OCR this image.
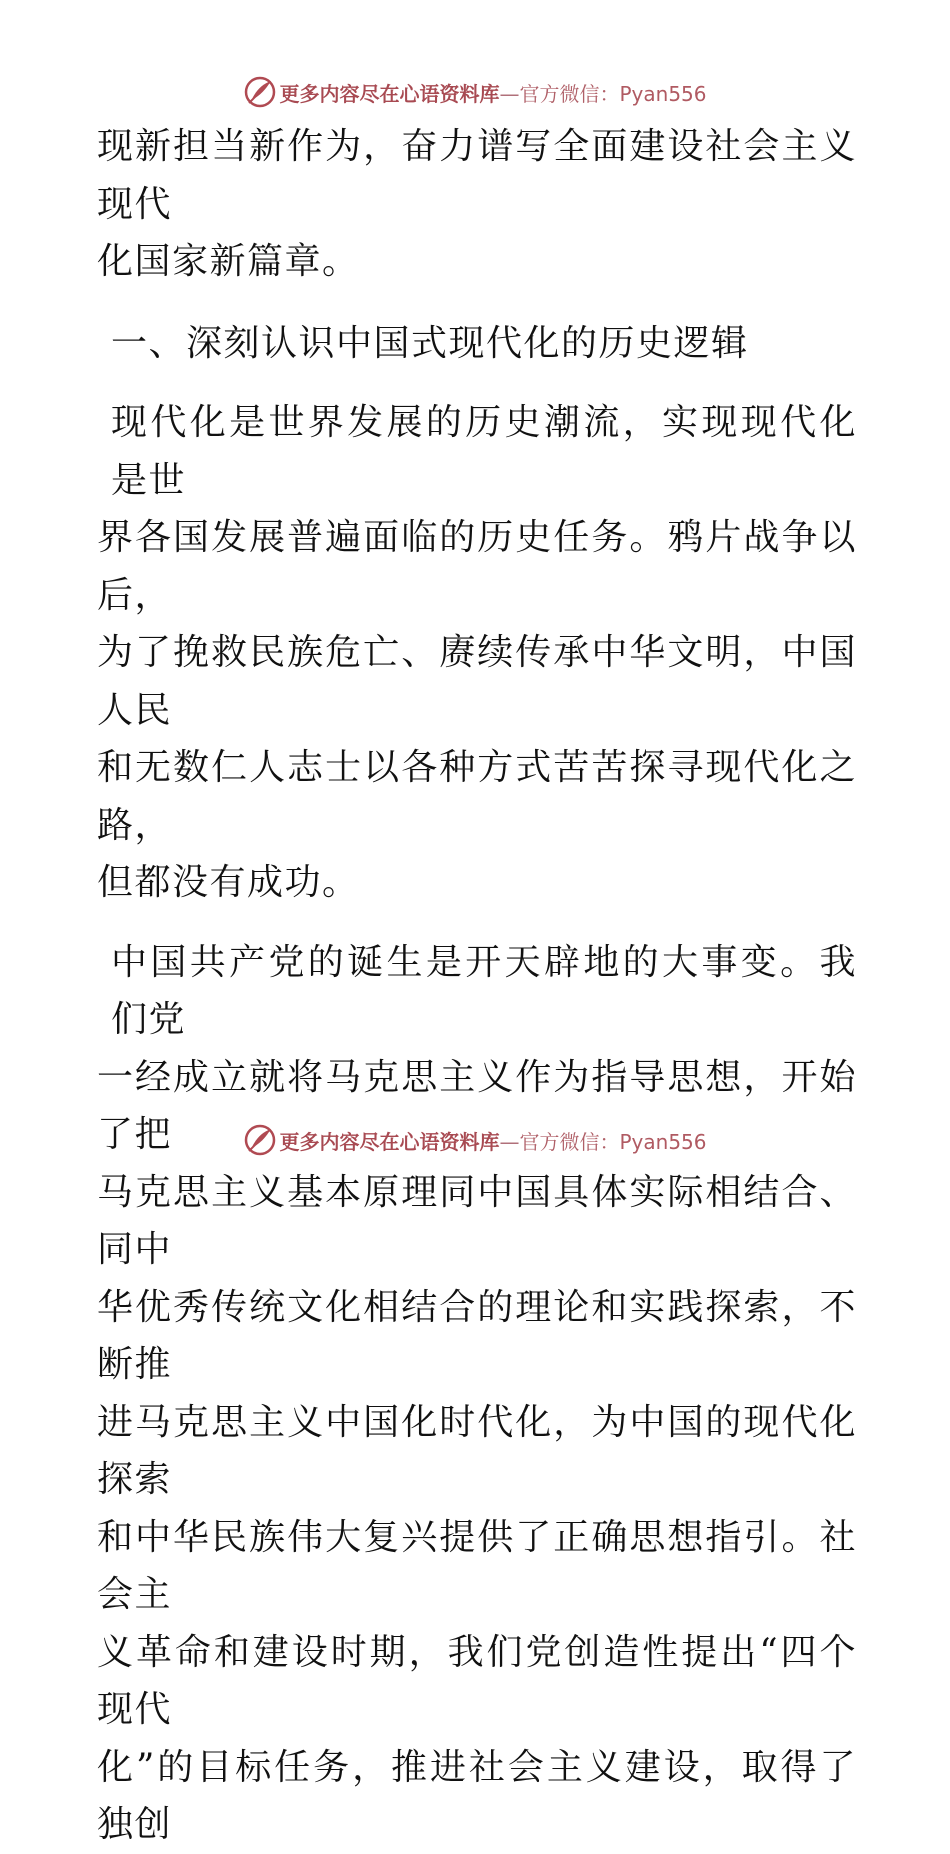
更多内容尽在心语资料库—官方微信：Pyan556

现新担当新作为，奋力谱写全面建设社会主义现代

化国家新篇章。

一、深刻认识中国式现代化的历史逻辑

现代化是世界发展的历史潮流，实现现代化是世

界各国发展普遍面临的历史任务。鸦片战争以后，

为了挽救民族危亡、赓续传承中华文明，中国人民

和无数仁人志士以各种方式苦苦探寻现代化之路，

但都没有成功。

中国共产党的诞生是开天辟地的大事变。我们党

一经成立就将马克思主义作为指导思想，开始了把

马克思主义基本原理同中国具体实际相结合、同中

华优秀传统文化相结合的理论和实践探索，不断推

进马克思主义中国化时代化，为中国的现代化探索

和中华民族伟大复兴提供了正确思想指引。社会主

义革命和建设时期，我们党创造性提出“四个现代

化”的目标任务，推进社会主义建设，取得了独创

更多内容尽在心语资料库—官方微信：Pyan556
